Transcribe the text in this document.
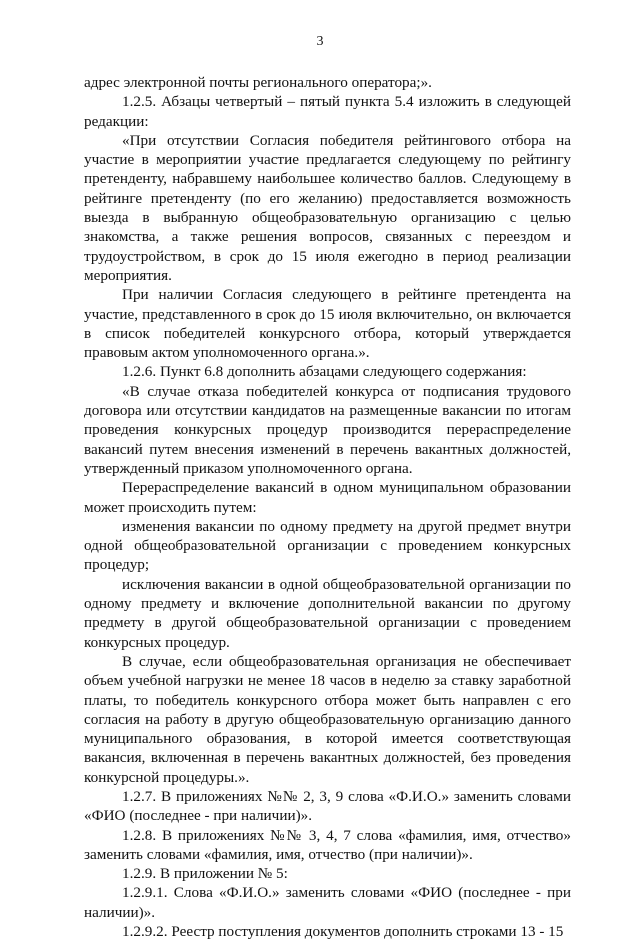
3

адрес электронной почты регионального оператора;».

1.2.5. Абзацы четвертый – пятый пункта 5.4 изложить в следующей редакции:

«При отсутствии Согласия победителя рейтингового отбора на участие в мероприятии участие предлагается следующему по рейтингу претенденту, набравшему наибольшее количество баллов. Следующему в рейтинге претенденту (по его желанию) предоставляется возможность выезда в выбранную общеобразовательную организацию с целью знакомства, а также решения вопросов, связанных с переездом и трудоустройством, в срок до 15 июля ежегодно в период реализации мероприятия.

При наличии Согласия следующего в рейтинге претендента на участие, представленного в срок до 15 июля включительно, он включается в список победителей конкурсного отбора, который утверждается правовым актом уполномоченного органа.».

1.2.6. Пункт 6.8 дополнить абзацами следующего содержания:

«В случае отказа победителей конкурса от подписания трудового договора или отсутствии кандидатов на размещенные вакансии по итогам проведения конкурсных процедур производится перераспределение вакансий путем внесения изменений в перечень вакантных должностей, утвержденный приказом уполномоченного органа.

Перераспределение вакансий в одном муниципальном образовании может происходить путем:

изменения вакансии по одному предмету на другой предмет внутри одной общеобразовательной организации с проведением конкурсных процедур;

исключения вакансии в одной общеобразовательной организации по одному предмету и включение дополнительной вакансии по другому предмету в другой общеобразовательной организации с проведением конкурсных процедур.

В случае, если общеобразовательная организация не обеспечивает объем учебной нагрузки не менее 18 часов в неделю за ставку заработной платы, то победитель конкурсного отбора может быть направлен с его согласия на работу в другую общеобразовательную организацию данного муниципального образования, в которой имеется соответствующая вакансия, включенная в перечень вакантных должностей, без проведения конкурсной процедуры.».

1.2.7. В приложениях №№ 2, 3, 9 слова «Ф.И.О.» заменить словами «ФИО (последнее - при наличии)».

1.2.8. В приложениях №№ 3, 4, 7 слова «фамилия, имя, отчество» заменить словами «фамилия, имя, отчество (при наличии)».

1.2.9. В приложении № 5:

1.2.9.1. Слова «Ф.И.О.» заменить словами «ФИО (последнее - при наличии)».

1.2.9.2. Реестр поступления документов дополнить строками 13 - 15
